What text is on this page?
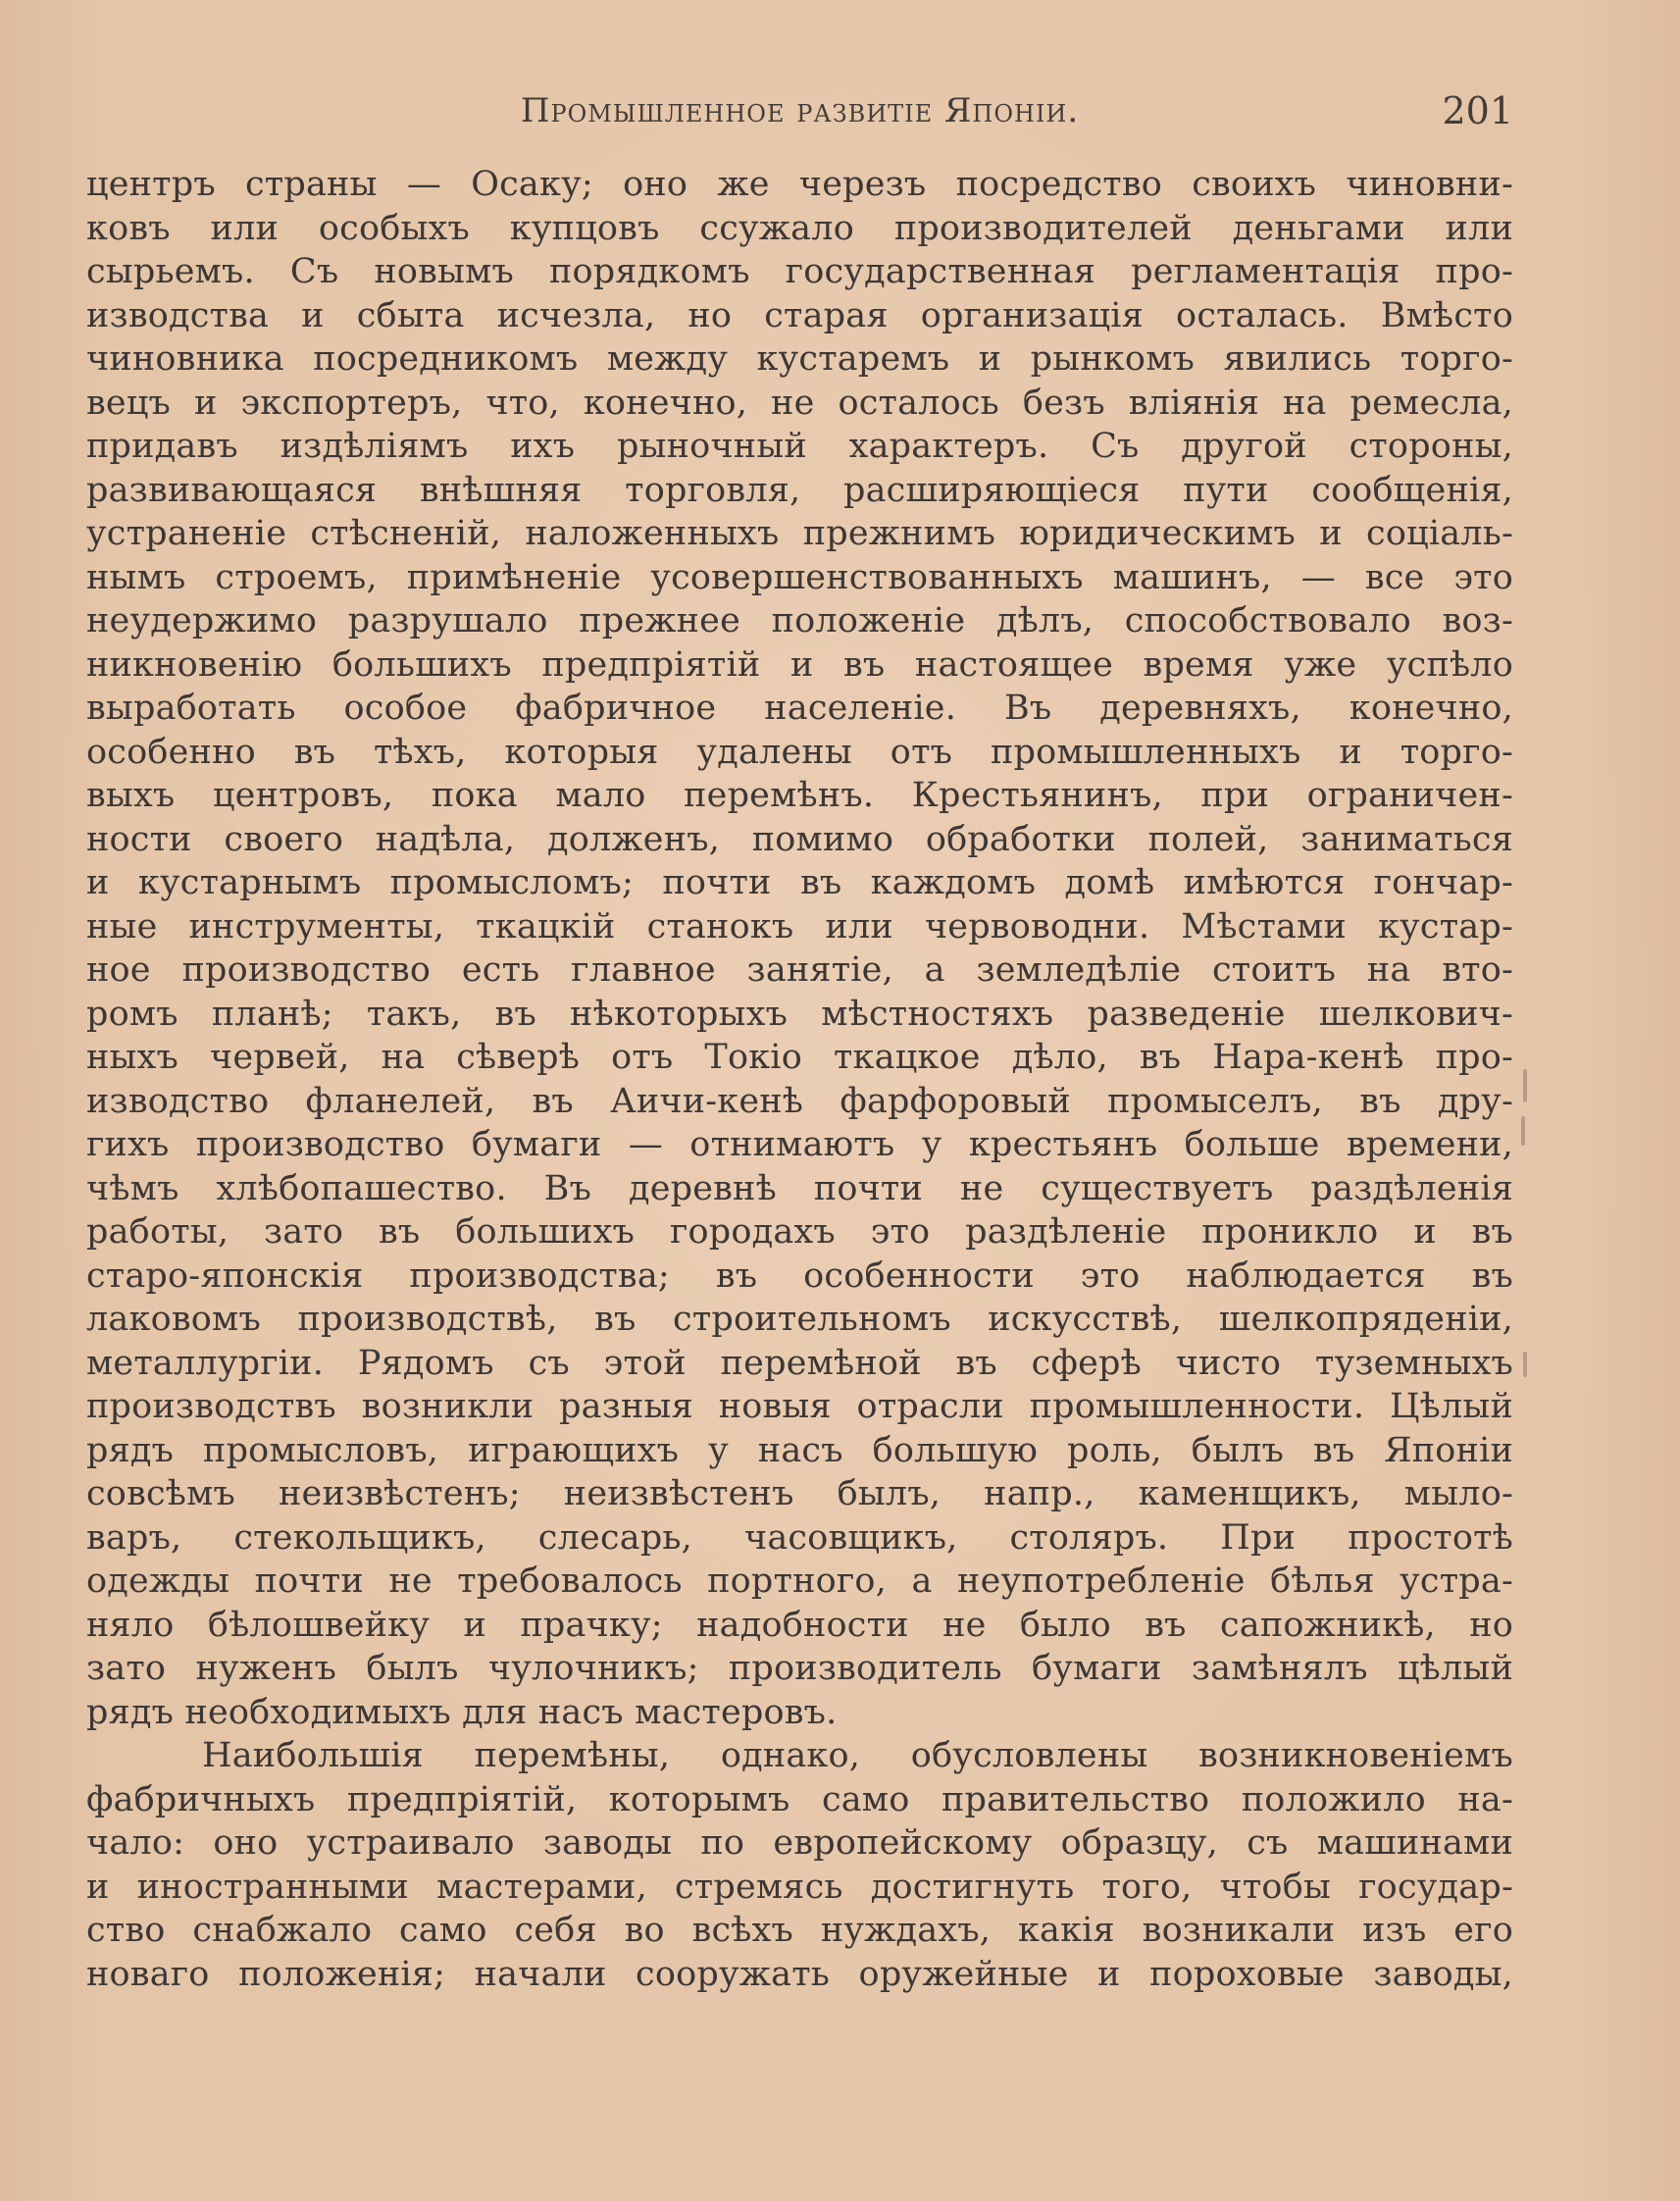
Промышленное развитіе Японіи.	201
центръ страны — Осаку; оно же черезъ посредство своихъ чиновни-
ковъ или особыхъ купцовъ ссужало производителей деньгами или
сырьемъ. Съ новымъ порядкомъ государственная регламентація про-
изводства и сбыта исчезла, но старая организація осталась. Вмѣсто
чиновника посредникомъ между кустаремъ и рынкомъ явились торго-
вецъ и экспортеръ, что, конечно, не осталось безъ вліянія на ремесла,
придавъ издѣліямъ ихъ рыночный характеръ. Съ другой стороны,
развивающаяся внѣшняя торговля, расширяющіеся пути сообщенія,
устраненіе стѣсненій, наложенныхъ прежнимъ юридическимъ и соціаль-
нымъ строемъ, примѣненіе усовершенствованныхъ машинъ, — все это
неудержимо разрушало прежнее положеніе дѣлъ, способствовало воз-
никновенію большихъ предпріятій и въ настоящее время уже успѣло
выработать особое фабричное населеніе. Въ деревняхъ, конечно,
особенно въ тѣхъ, которыя удалены отъ промышленныхъ и торго-
выхъ центровъ, пока мало перемѣнъ. Крестьянинъ, при ограничен-
ности своего надѣла, долженъ, помимо обработки полей, заниматься
и кустарнымъ промысломъ; почти въ каждомъ домѣ имѣются гончар-
ные инструменты, ткацкій станокъ или червоводни. Мѣстами кустар-
ное производство есть главное занятіе, а земледѣліе стоитъ на вто-
ромъ планѣ; такъ, въ нѣкоторыхъ мѣстностяхъ разведеніе шелкович-
ныхъ червей, на сѣверѣ отъ Токіо ткацкое дѣло, въ Нара-кенѣ про-
изводство фланелей, въ Аичи-кенѣ фарфоровый промыселъ, въ дру-
гихъ производство бумаги — отнимаютъ у крестьянъ больше времени,
чѣмъ хлѣбопашество. Въ деревнѣ почти не существуетъ раздѣленія
работы, зато въ большихъ городахъ это раздѣленіе проникло и въ
старо-японскія производства; въ особенности это наблюдается въ
лаковомъ производствѣ, въ строительномъ искусствѣ, шелкопряденіи,
металлургіи. Рядомъ съ этой перемѣной въ сферѣ чисто туземныхъ
производствъ возникли разныя новыя отрасли промышленности. Цѣлый
рядъ промысловъ, играющихъ у насъ большую роль, былъ въ Японіи
совсѣмъ неизвѣстенъ; неизвѣстенъ былъ, напр., каменщикъ, мыло-
варъ, стекольщикъ, слесарь, часовщикъ, столяръ. При простотѣ
одежды почти не требовалось портного, а неупотребленіе бѣлья устра-
няло бѣлошвейку и прачку; надобности не было въ сапожникѣ, но
зато нуженъ былъ чулочникъ; производитель бумаги замѣнялъ цѣлый
рядъ необходимыхъ для насъ мастеровъ.
Наибольшія перемѣны, однако, обусловлены возникновеніемъ
фабричныхъ предпріятій, которымъ само правительство положило на-
чало: оно устраивало заводы по европейскому образцу, съ машинами
и иностранными мастерами, стремясь достигнуть того, чтобы государ-
ство снабжало само себя во всѣхъ нуждахъ, какія возникали изъ его
новаго положенія; начали сооружать оружейные и пороховые заводы,
